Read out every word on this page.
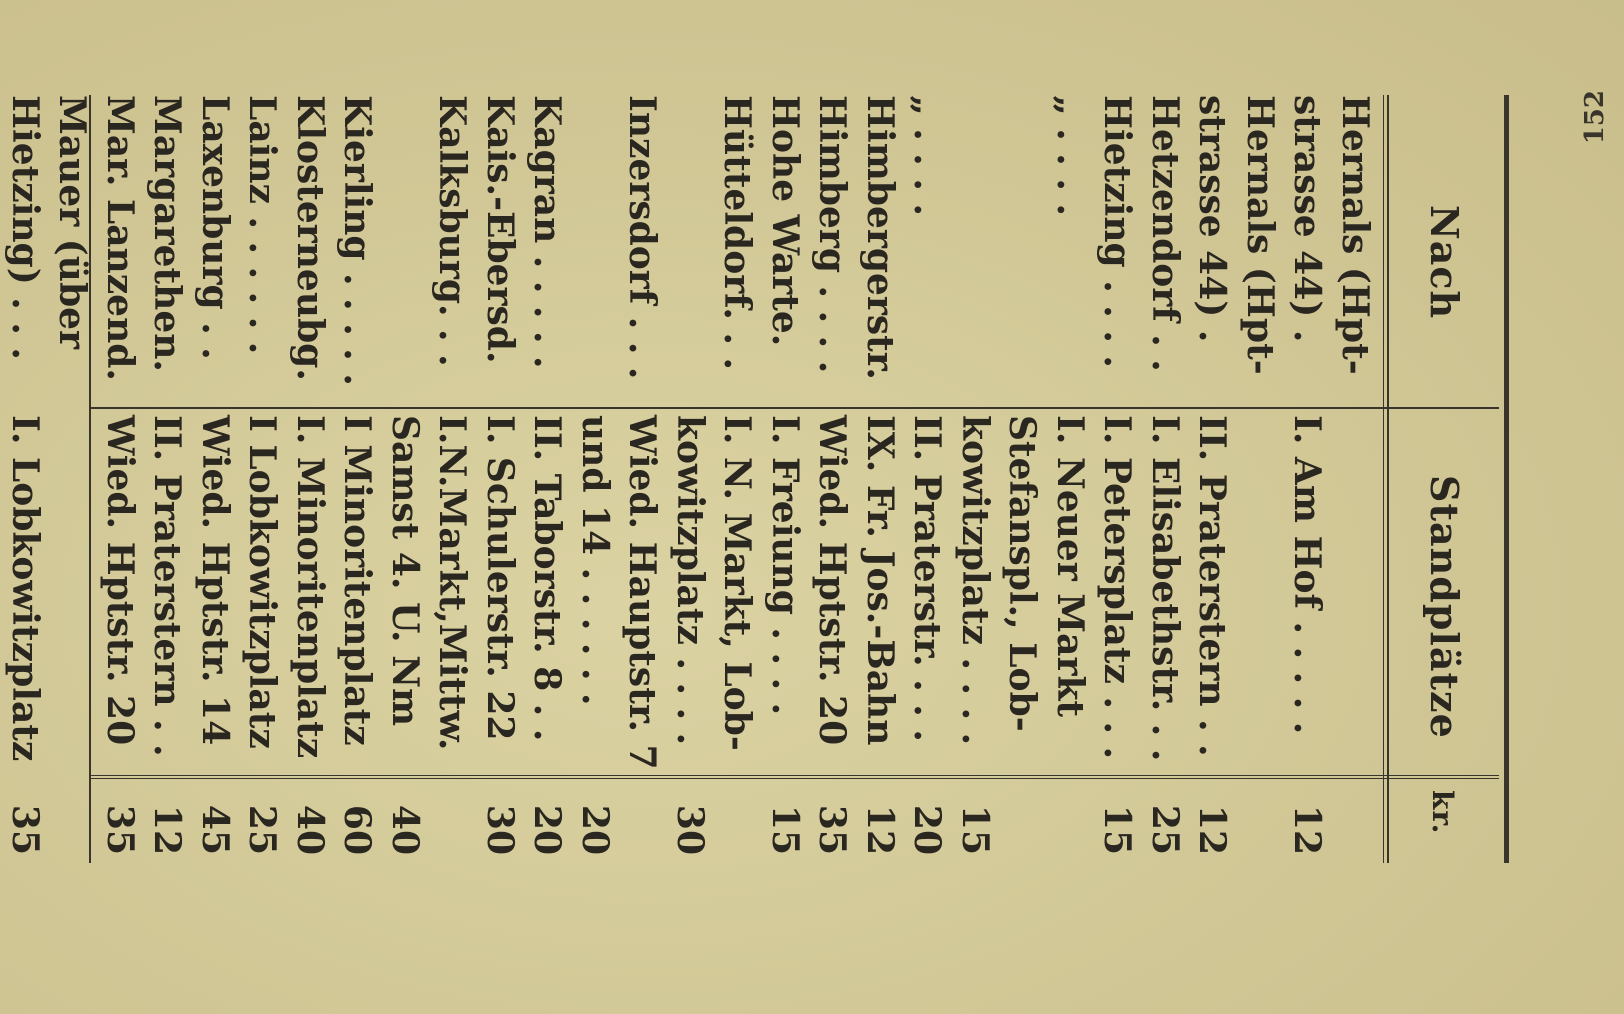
152
Nach
Standplätze
kr.
Hernals (Hpt-
strasse 44) .
I. Am Hof . . . . .
12
Hernals (Hpt-
strasse 44) .
II. Praterstern . .
12
Hetzendorf . .
I. Elisabethstr. . .
25
Hietzing . . . .
I. Petersplatz . . .
15
„ . . . .
I. Neuer Markt
Stefanspl., Lob-
kowitzplatz . . . .
15
„ . . . .
II. Praterstr. . . .
20
Himbergerstr.
IX. Fr. Jos.-Bahn
12
Himberg . . . .
Wied. Hptstr. 20
35
Hohe Warte.
I. Freiung . . . .
15
Hütteldorf. . .
I. N. Markt, Lob-
kowitzplatz . . . .
30
Inzersdorf . . .
Wied. Hauptstr. 7
und 14 . . . . . .
20
Kagran . . . . .
II. Taborstr. 8 . .
20
Kais.-Ebersd.
I. Schulerstr. 22
30
Kalksburg. . .
I.N.Markt,Mittw.
Samst 4. U. Nm
40
Kierling . . . . .
I Minoritenplatz
60
Klosterneubg.
I. Minoritenplatz
40
Lainz . . . . . .
I Lobkowitzplatz
25
Laxenburg . .
Wied. Hptstr. 14
45
Margarethen.
II. Praterstern . .
12
Mar. Lanzend.
Wied. Hptstr. 20
35
Mauer (über
Hietzing) . . .
I. Lobkowitzplatz
35
